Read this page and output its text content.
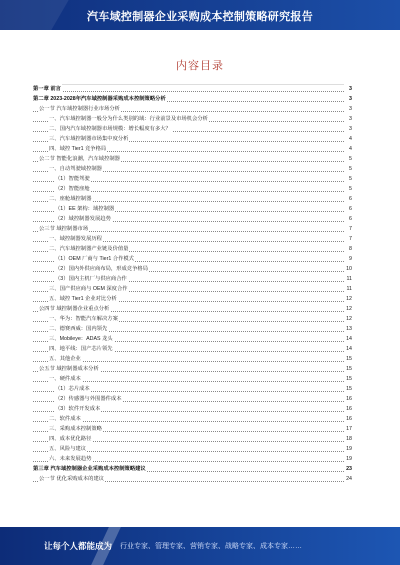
汽车域控制器企业采购成本控制策略研究报告
内容目录
第一章 前言	3
第二章 2023-2028年汽车域控制器采购成本控制策略分析	3
公一节 汽车域控制器行业市场分析	3
一、汽车域控制器一般分为什么类别的域：行业前景及市场机会分析	3
二、国内汽车域控制器市场规模：增长幅度有多大？	3
三、汽车域控制器市场集中度分析	4
四、域控 Tier1 竞争格局	4
公二节 智能化浪潮，汽车域控制器	5
一、自动驾驶域控制器	5
（1）智能驾驶	5
（2）智能座舱	5
二、座舱域控制器	6
（1）EE 架构：域控制器	6
（2）域控制器发展趋势	6
公三节 域控制器市场	7
一、域控制器发展历程	7
二、汽车域控制器产业链及价值量	8
（1）OEM 厂商与 Tier1 合作模式	9
（2）国内外供应商布局，形成竞争格局	10
（3）国内主机厂与供应商合作	11
三、国产供应商与 OEM 深度合作	11
五、域控 Tier1 企业对比分析	12
公四节 域控制器企业重点分析	12
一、华为：智能汽车解决方案	12
二、德赛西威：国内领先	13
三、Mobileye：ADAS 龙头	14
四、地平线：国产芯片领先	14
五、其他企业	15
公五节 域控制器成本分析	15
一、硬件成本	15
（1）芯片成本	15
（2）传感器与外围器件成本	16
（3）软件开发成本	16
二、软件成本	16
三、采购成本控制策略	17
四、成本优化路径	18
五、风险与建议	19
六、未来发展趋势	19
第三章 汽车域控制器企业采购成本控制策略建议	23
公一节 优化采购成本的建议	24
让每个人都能成为 行业专家、管理专家、营销专家、战略专家、成本专家……
